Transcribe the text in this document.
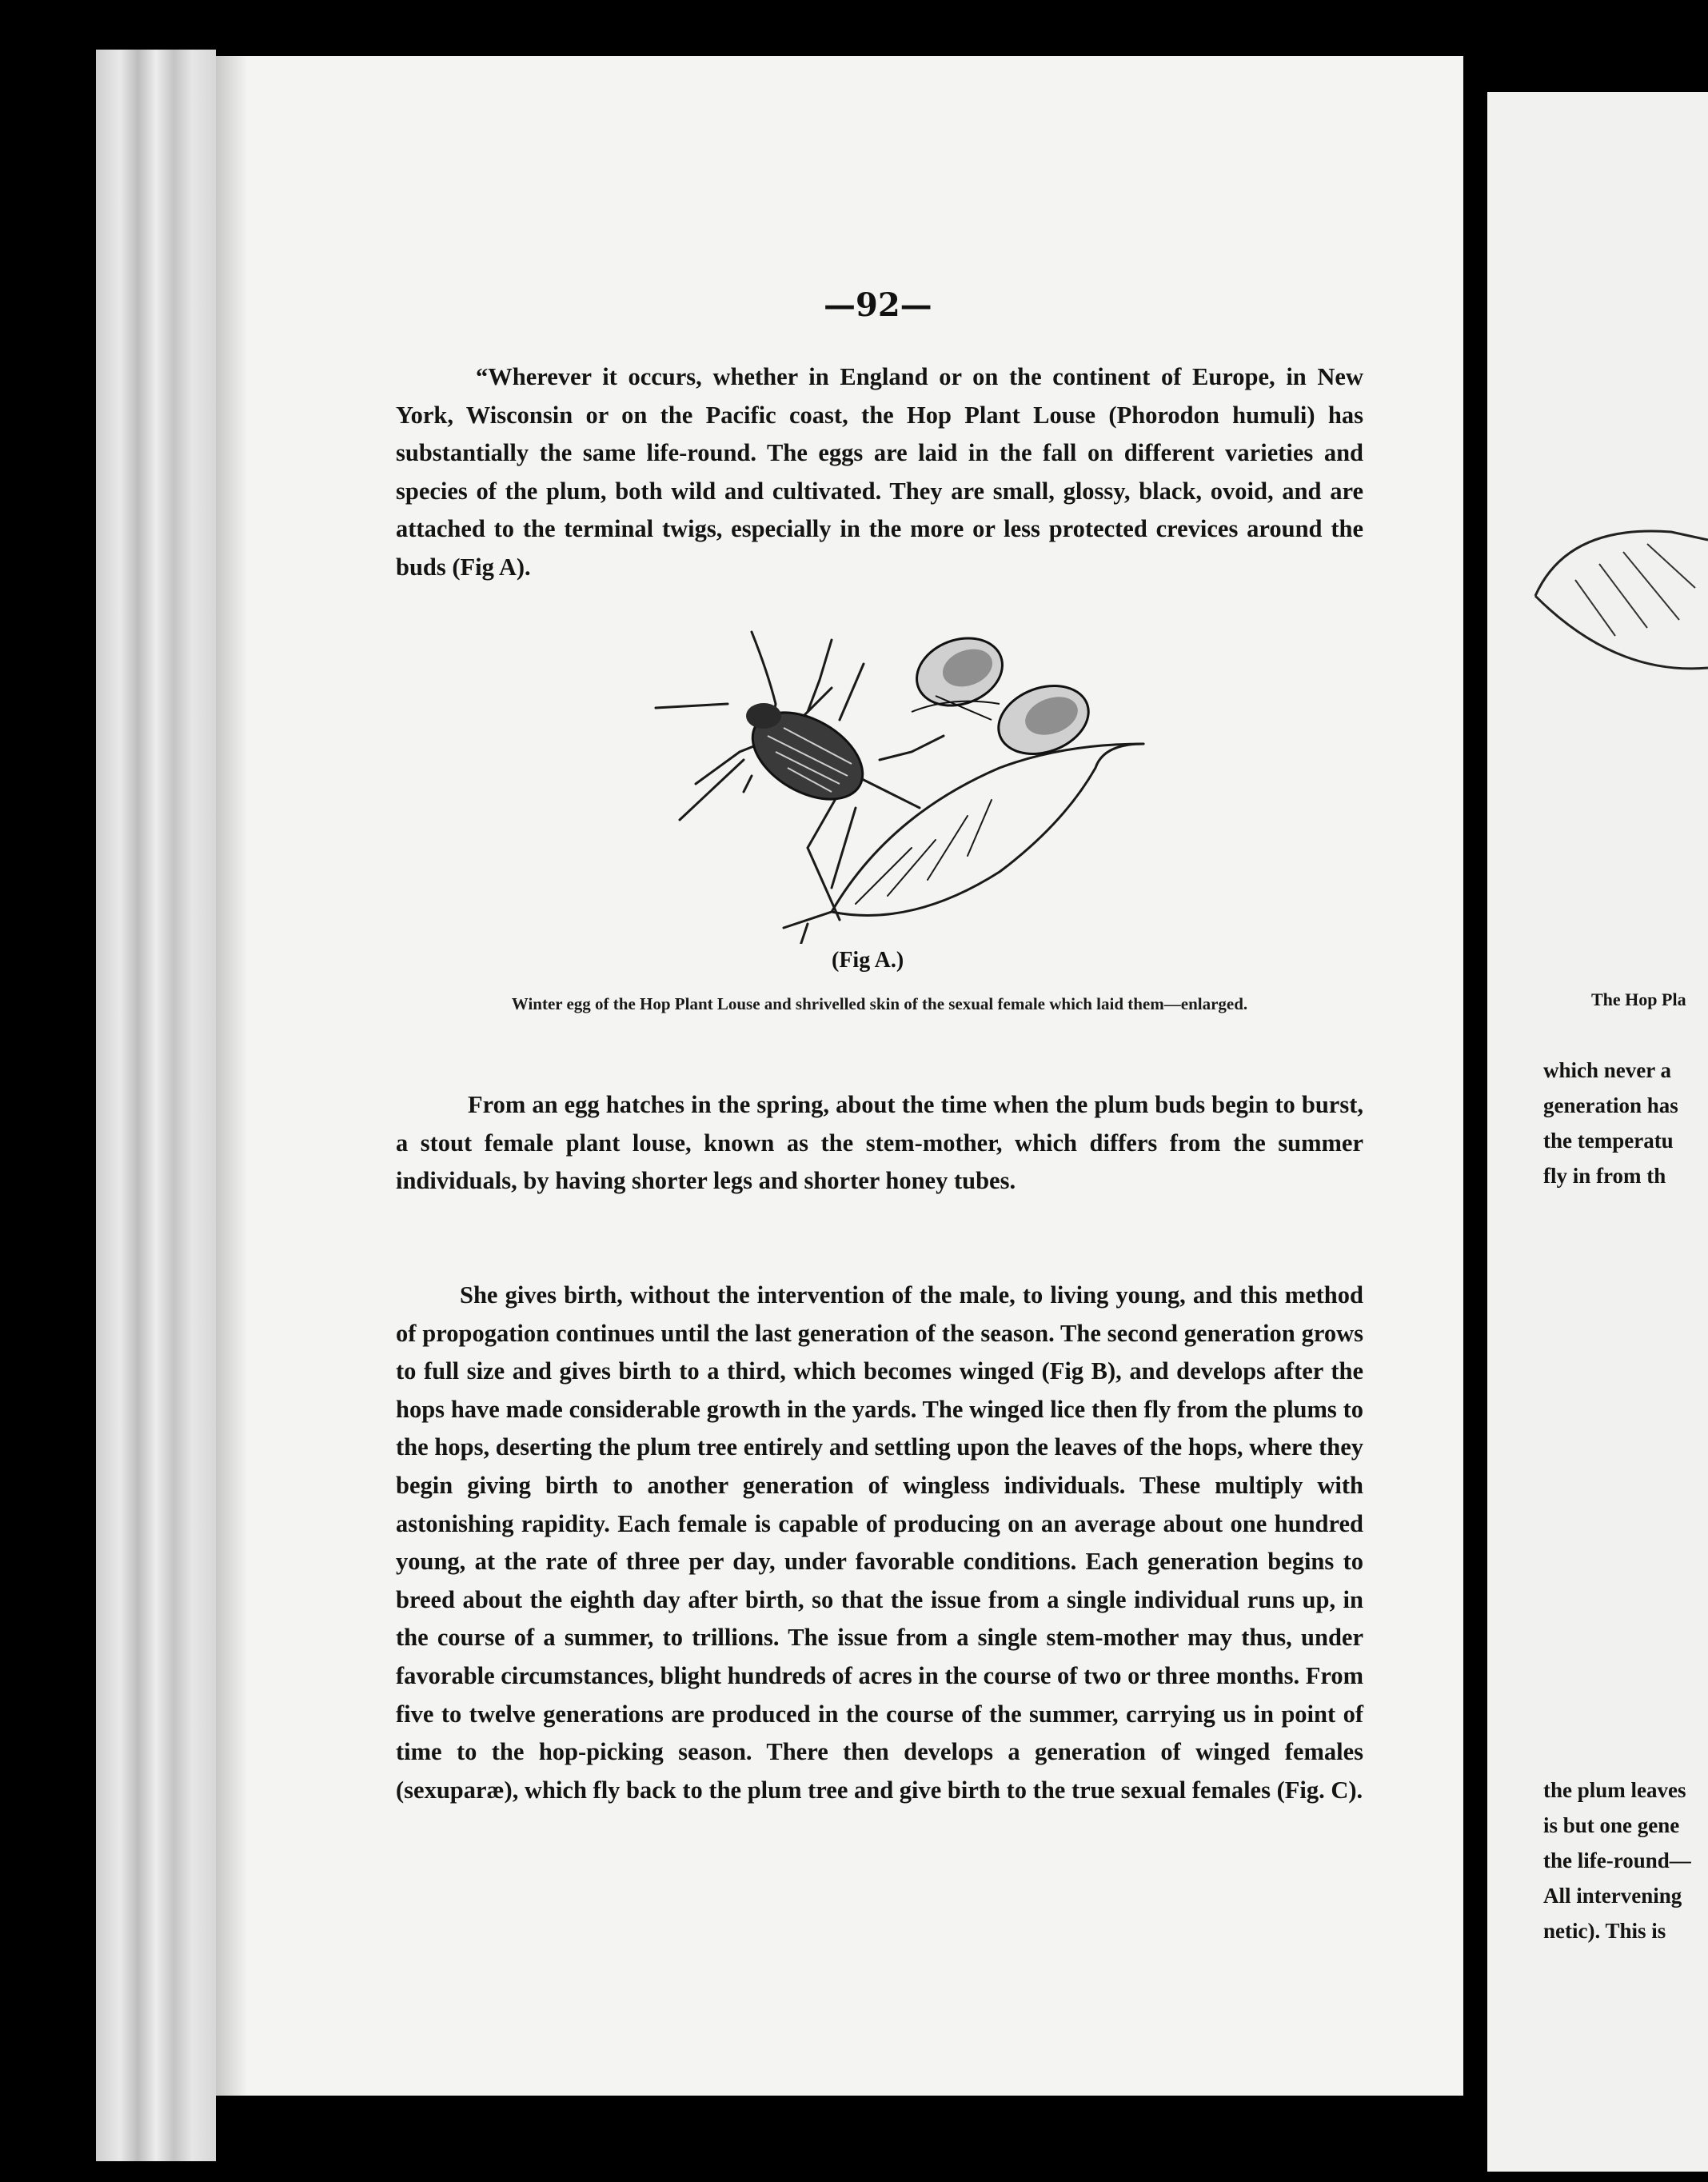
—92—

“Wherever it occurs, whether in England or on the continent of Europe, in New York, Wisconsin or on the Pacific coast, the Hop Plant Louse (Phorodon humuli) has substantially the same life-round. The eggs are laid in the fall on different varieties and species of the plum, both wild and cultivated. They are small, glossy, black, ovoid, and are attached to the terminal twigs, especially in the more or less protected crevices around the buds (Fig A).

(Fig A.)
Winter egg of the Hop Plant Louse and shrivelled skin of the sexual female which laid them—enlarged.

From an egg hatches in the spring, about the time when the plum buds begin to burst, a stout female plant louse, known as the stem-mother, which differs from the summer individuals, by having shorter legs and shorter honey tubes.

She gives birth, without the intervention of the male, to living young, and this method of propogation continues until the last generation of the season. The second generation grows to full size and gives birth to a third, which becomes winged (Fig B), and develops after the hops have made considerable growth in the yards. The winged lice then fly from the plums to the hops, deserting the plum tree entirely and settling upon the leaves of the hops, where they begin giving birth to another generation of wingless individuals. These multiply with astonishing rapidity. Each female is capable of producing on an average about one hundred young, at the rate of three per day, under favorable conditions. Each generation begins to breed about the eighth day after birth, so that the issue from a single individual runs up, in the course of a summer, to trillions. The issue from a single stem-mother may thus, under favorable circumstances, blight hundreds of acres in the course of two or three months. From five to twelve generations are produced in the course of the summer, carrying us in point of time to the hop-picking season. There then develops a generation of winged females (sexuparæ), which fly back to the plum tree and give birth to the true sexual females (Fig. C).

The Hop Pla
which never a
generation has
the temperatu
fly in from th
the plum leaves
is but one gene
the life-round—
All intervening
netic). This is
